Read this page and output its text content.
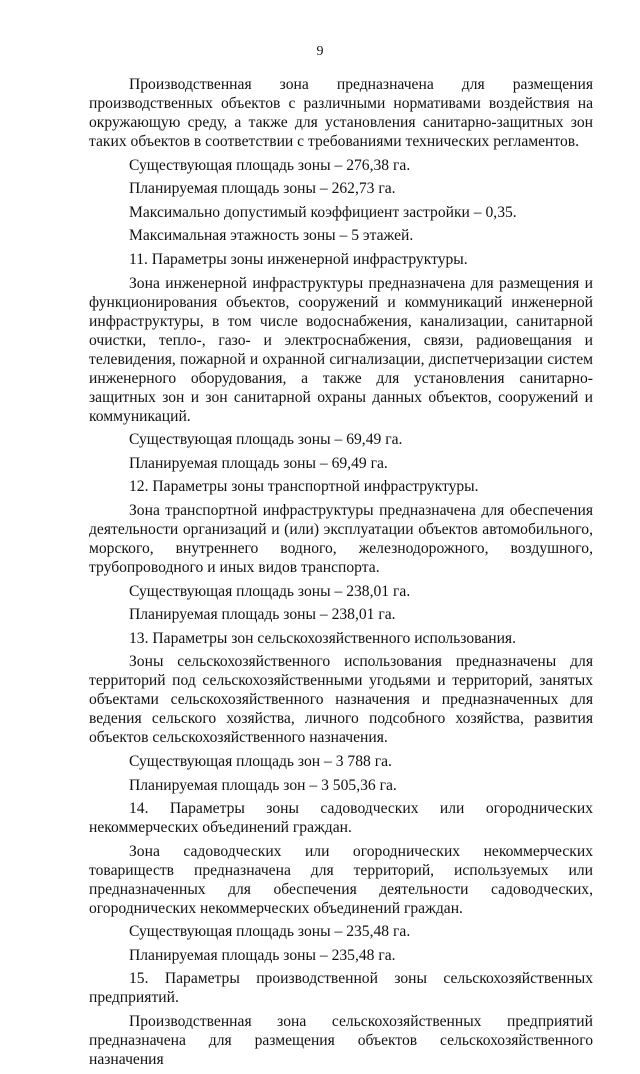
9

Производственная зона предназначена для размещения производственных объектов с различными нормативами воздействия на окружающую среду, а также для установления санитарно-защитных зон таких объектов в соответствии с требованиями технических регламентов.

Существующая площадь зоны – 276,38 га.

Планируемая площадь зоны – 262,73 га.

Максимально допустимый коэффициент застройки – 0,35.

Максимальная этажность зоны – 5 этажей.

11. Параметры зоны инженерной инфраструктуры.

Зона инженерной инфраструктуры предназначена для размещения и функционирования объектов, сооружений и коммуникаций инженерной инфраструктуры, в том числе водоснабжения, канализации, санитарной очистки, тепло-, газо- и электроснабжения, связи, радиовещания и телевидения, пожарной и охранной сигнализации, диспетчеризации систем инженерного оборудования, а также для установления санитарно-защитных зон и зон санитарной охраны данных объектов, сооружений и коммуникаций.

Существующая площадь зоны – 69,49 га.

Планируемая площадь зоны – 69,49 га.

12. Параметры зоны транспортной инфраструктуры.

Зона транспортной инфраструктуры предназначена для обеспечения деятельности организаций и (или) эксплуатации объектов автомобильного, морского, внутреннего водного, железнодорожного, воздушного, трубопроводного и иных видов транспорта.

Существующая площадь зоны – 238,01 га.

Планируемая площадь зоны – 238,01 га.

13. Параметры зон сельскохозяйственного использования.

Зоны сельскохозяйственного использования предназначены для территорий под сельскохозяйственными угодьями и территорий, занятых объектами сельскохозяйственного назначения и предназначенных для ведения сельского хозяйства, личного подсобного хозяйства, развития объектов сельскохозяйственного назначения.

Существующая площадь зон – 3 788 га.

Планируемая площадь зон – 3 505,36 га.

14. Параметры зоны садоводческих или огороднических некоммерческих объединений граждан.

Зона садоводческих или огороднических некоммерческих товариществ предназначена для территорий, используемых или предназначенных для обеспечения деятельности садоводческих, огороднических некоммерческих объединений граждан.

Существующая площадь зоны – 235,48 га.

Планируемая площадь зоны – 235,48 га.

15. Параметры производственной зоны сельскохозяйственных предприятий.

Производственная зона сельскохозяйственных предприятий предназначена для размещения объектов сельскохозяйственного назначения
